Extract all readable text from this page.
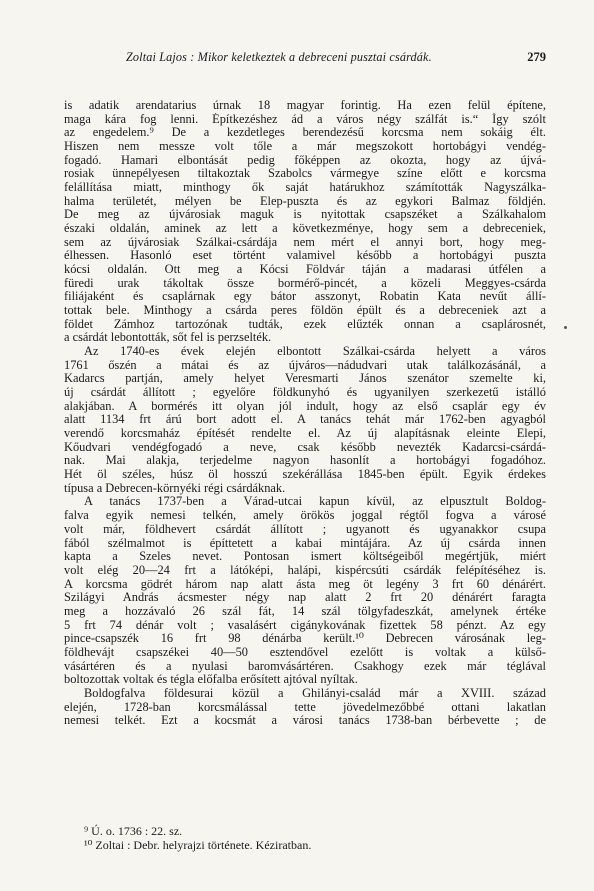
Zoltai Lajos : Mikor keletkeztek a debreceni pusztai csárdák.	279
is adatik arendatarius úrnak 18 magyar forintig. Ha ezen felül építene,
maga kára fog lenni. Építkezéshez ád a város négy szálfát is.“ Így szólt
az engedelem.⁹ De a kezdetleges berendezésű korcsma nem sokáig élt.
Hiszen nem messze volt tőle a már megszokott hortobágyi vendég-
fogadó. Hamari elbontását pedig főképpen az okozta, hogy az újvá-
rosiak ünnepélyesen tiltakoztak Szabolcs vármegye színe előtt e korcsma
felállítása miatt, minthogy ők saját határukhoz számították Nagyszálka-
halma területét, mélyen be Elep-puszta és az egykori Balmaz földjén.
De meg az újvárosiak maguk is nyitottak csapszéket a Szálkahalom
északi oldalán, aminek az lett a következménye, hogy sem a debreceniek,
sem az újvárosiak Szálkai-csárdája nem mért el annyi bort, hogy meg-
élhessen. Hasonló eset történt valamivel később a hortobágyi puszta
kócsi oldalán. Ott meg a Kócsi Földvár táján a madarasi útfélen a
füredi urak tákoltak össze bormérő-pincét, a közeli Meggyes-csárda
filiájaként és csaplárnak egy bátor asszonyt, Robatin Kata nevűt állí-
tottak bele. Minthogy a csárda peres földön épült és a debreceniek azt a
földet Zámhoz tartozónak tudták, ezek elűzték onnan a csaplárosnét,
a csárdát lebontották, sőt fel is perzselték.
Az 1740-es évek elején elbontott Szálkai-csárda helyett a város
1761 őszén a mátai és az újváros—nádudvari utak találkozásánál, a
Kadarcs partján, amely helyet Veresmarti János szenátor szemelte ki,
új csárdát állított ; egyelőre földkunyhó és ugyanilyen szerkezetű istálló
alakjában. A bormérés itt olyan jól indult, hogy az első csaplár egy év
alatt 1134 frt árú bort adott el. A tanács tehát már 1762-ben agyagból
verendő korcsmaház építését rendelte el. Az új alapításnak eleinte Elepi,
Kőudvari vendégfogadó a neve, csak később nevezték Kadarcsi-csárdá-
nak. Mai alakja, terjedelme nagyon hasonlít a hortobágyi fogadóhoz.
Hét öl széles, húsz öl hosszú szekérállása 1845-ben épült. Egyik érdekes
típusa a Debrecen-környéki régi csárdáknak.
A tanács 1737-ben a Várad-utcai kapun kívül, az elpusztult Boldog-
falva egyik nemesi telkén, amely örökös joggal régtől fogva a városé
volt már, földhevert csárdát állított ; ugyanott és ugyanakkor csupa
fából szélmalmot is építtetett a kabai mintájára. Az új csárda innen
kapta a Szeles nevet. Pontosan ismert költségeiből megértjük, miért
volt elég 20—24 frt a látóképi, halápi, kispércsúti csárdák felépítéséhez is.
A korcsma gödrét három nap alatt ásta meg öt legény 3 frt 60 dénárért.
Szilágyi András ácsmester négy nap alatt 2 frt 20 dénárért faragta
meg a hozzávaló 26 szál fát, 14 szál tölgyfadeszkát, amelynek értéke
5 frt 74 dénár volt ; vasalásért cigánykovának fizettek 58 pénzt. Az egy
pince-csapszék 16 frt 98 dénárba került.¹⁰ Debrecen városának leg-
földhevájt csapszékei 40—50 esztendővel ezelőtt is voltak a külső-
vásártéren és a nyulasi baromvásártéren. Csakhogy ezek már téglával
boltozottak voltak és tégla előfalba erősített ajtóval nyíltak.
Boldogfalva földesurai közül a Ghilányi-család már a XVIII. század
elején, 1728-ban korcsmálással tette jövedelmezőbbé ottani lakatlan
nemesi telkét. Ezt a kocsmát a városi tanács 1738-ban bérbevette ; de
⁹ Ú. o. 1736 : 22. sz.
¹⁰ Zoltai : Debr. helyrajzi története. Kéziratban.
